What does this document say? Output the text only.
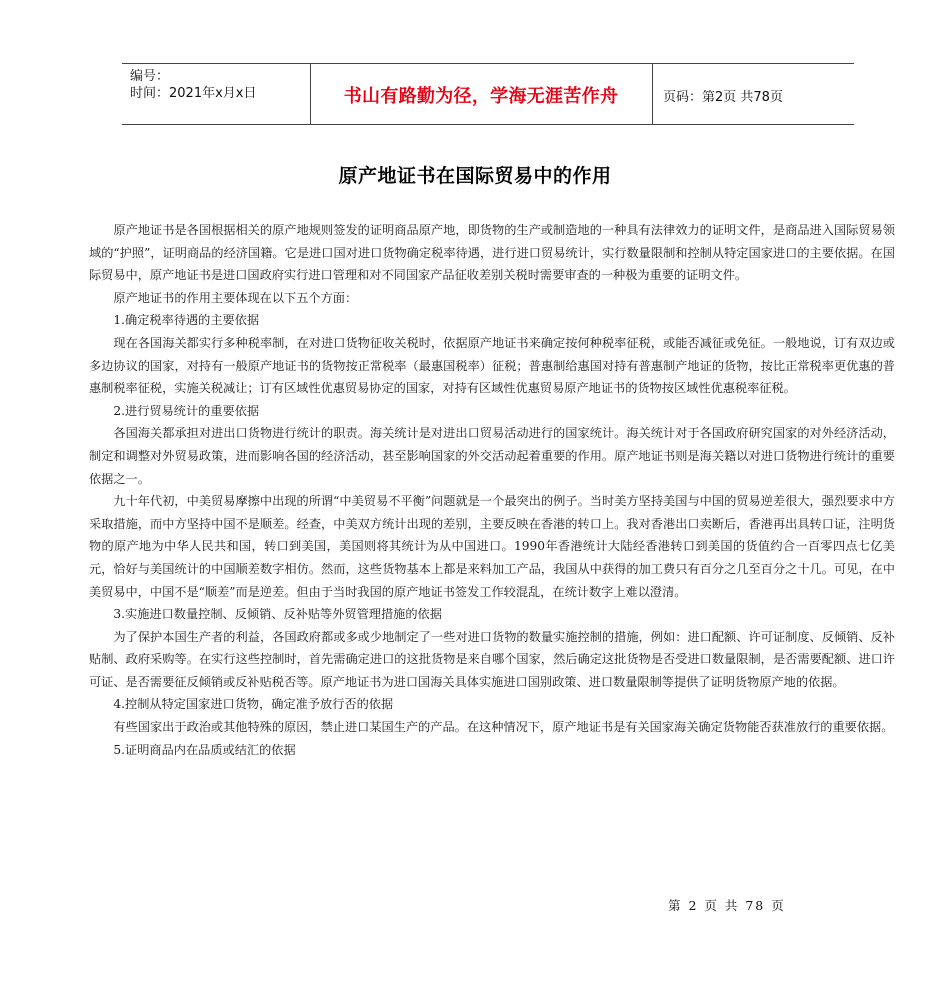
编号：
时间：2021年x月x日	书山有路勤为径，学海无涯苦作舟	页码：第2页 共78页
原产地证书在国际贸易中的作用

原产地证书是各国根据相关的原产地规则签发的证明商品原产地，即货物的生产或制造地的一种具有法律效力的证明文件，是商品进入国际贸易领域的“护照”，证明商品的经济国籍。它是进口国对进口货物确定税率待遇，进行进口贸易统计，实行数量限制和控制从特定国家进口的主要依据。在国际贸易中，原产地证书是进口国政府实行进口管理和对不同国家产品征收差别关税时需要审查的一种极为重要的证明文件。

原产地证书的作用主要体现在以下五个方面：

1.确定税率待遇的主要依据

现在各国海关都实行多种税率制，在对进口货物征收关税时，依据原产地证书来确定按何种税率征税，或能否减征或免征。一般地说，订有双边或多边协议的国家，对持有一般原产地证书的货物按正常税率（最惠国税率）征税；普惠制给惠国对持有普惠制产地证的货物，按比正常税率更优惠的普惠制税率征税，实施关税减让；订有区域性优惠贸易协定的国家，对持有区域性优惠贸易原产地证书的货物按区域性优惠税率征税。

2.进行贸易统计的重要依据

各国海关都承担对进出口货物进行统计的职责。海关统计是对进出口贸易活动进行的国家统计。海关统计对于各国政府研究国家的对外经济活动，制定和调整对外贸易政策，进而影响各国的经济活动，甚至影响国家的外交活动起着重要的作用。原产地证书则是海关籍以对进口货物进行统计的重要依据之一。

九十年代初，中美贸易摩擦中出现的所谓“中美贸易不平衡”问题就是一个最突出的例子。当时美方坚持美国与中国的贸易逆差很大，强烈要求中方采取措施，而中方坚持中国不是顺差。经查，中美双方统计出现的差别，主要反映在香港的转口上。我对香港出口卖断后，香港再出具转口证，注明货物的原产地为中华人民共和国，转口到美国，美国则将其统计为从中国进口。1990年香港统计大陆经香港转口到美国的货值约合一百零四点七亿美元，恰好与美国统计的中国顺差数字相仿。然而，这些货物基本上都是来料加工产品，我国从中获得的加工费只有百分之几至百分之十几。可见，在中美贸易中，中国不是“顺差”而是逆差。但由于当时我国的原产地证书签发工作较混乱，在统计数字上难以澄清。

3.实施进口数量控制、反倾销、反补贴等外贸管理措施的依据

为了保护本国生产者的利益，各国政府都或多或少地制定了一些对进口货物的数量实施控制的措施，例如：进口配额、许可证制度、反倾销、反补贴制、政府采购等。在实行这些控制时，首先需确定进口的这批货物是来自哪个国家，然后确定这批货物是否受进口数量限制，是否需要配额、进口许可证、是否需要征反倾销或反补贴税否等。原产地证书为进口国海关具体实施进口国别政策、进口数量限制等提供了证明货物原产地的依据。

4.控制从特定国家进口货物，确定准予放行否的依据

有些国家出于政治或其他特殊的原因，禁止进口某国生产的产品。在这种情况下，原产地证书是有关国家海关确定货物能否获准放行的重要依据。

5.证明商品内在品质或结汇的依据

第 2 页 共 78 页
